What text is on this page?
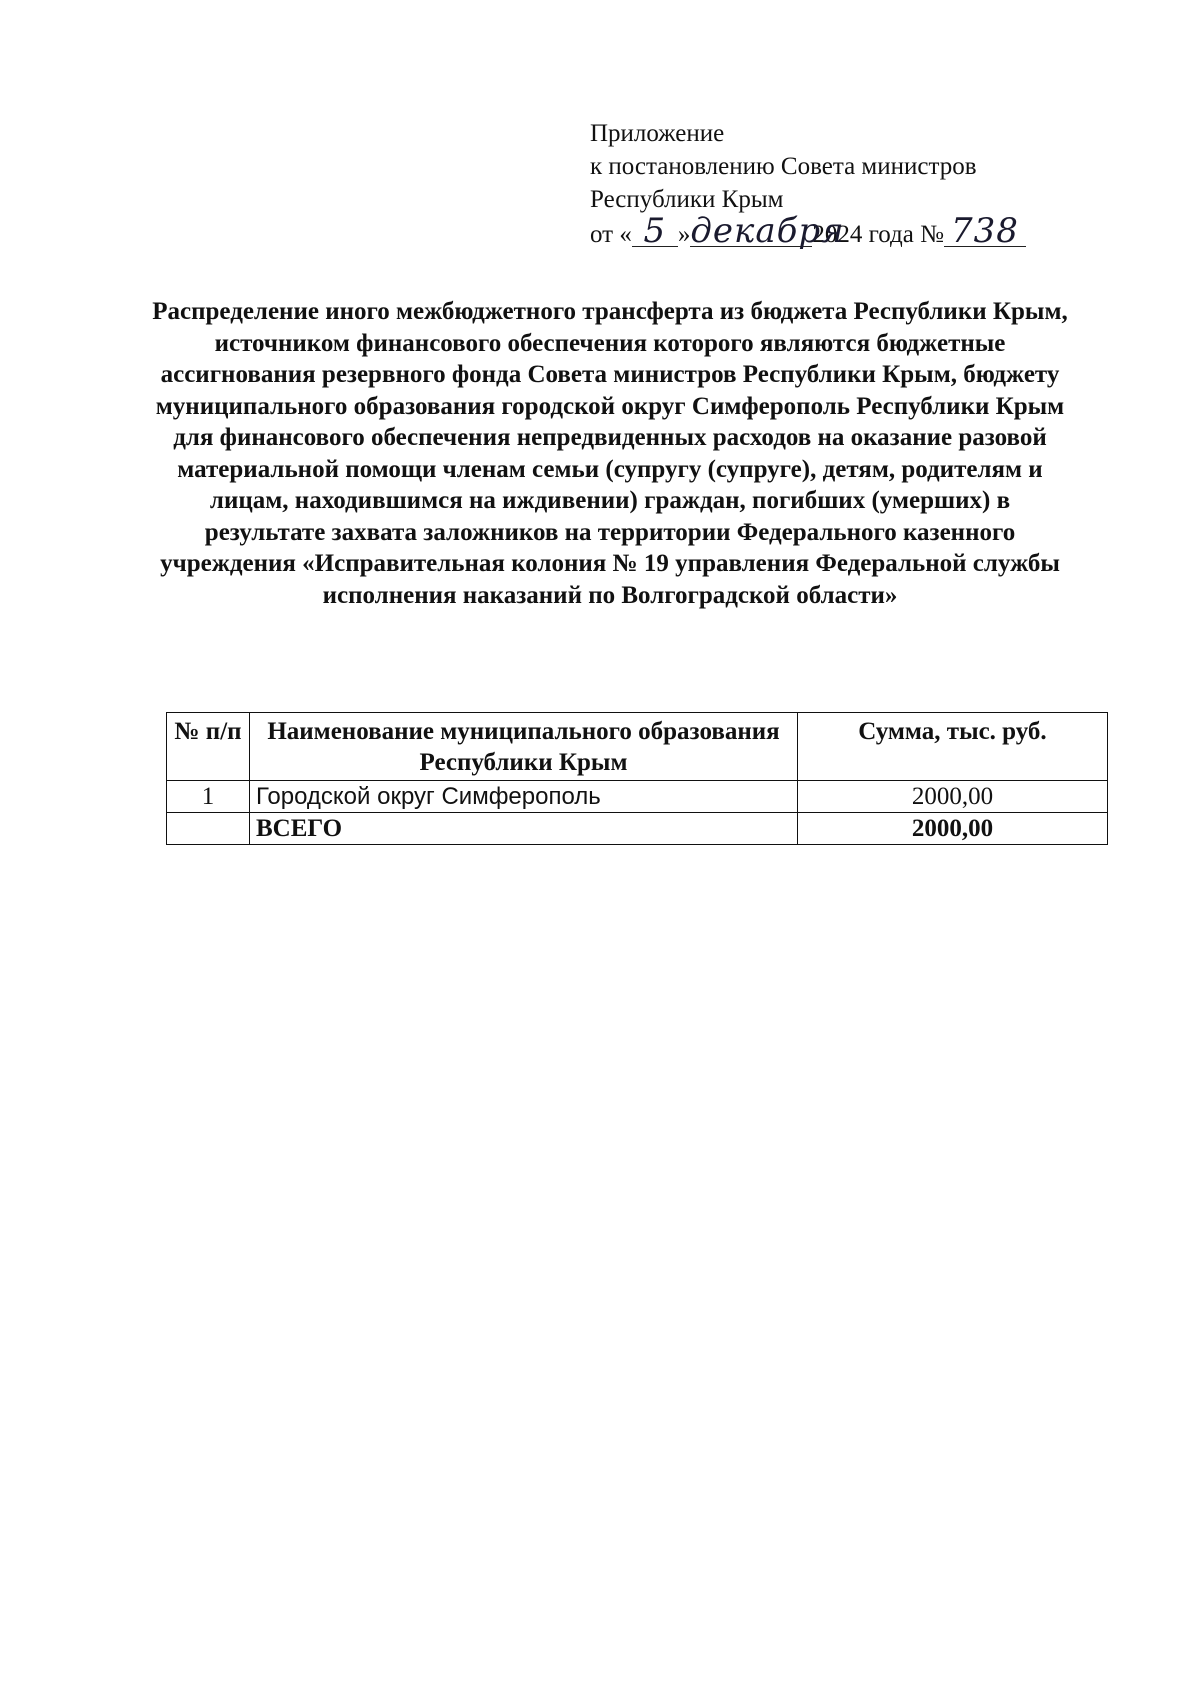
Приложение
к постановлению Совета министров
Республики Крым
от « 5 »декабря2024 года № 738
Распределение иного межбюджетного трансферта из бюджета Республики Крым, источником финансового обеспечения которого являются бюджетные ассигнования резервного фонда Совета министров Республики Крым, бюджету муниципального образования городской округ Симферополь Республики Крым для финансового обеспечения непредвиденных расходов на оказание разовой материальной помощи членам семьи (супругу (супруге), детям, родителям и лицам, находившимся на иждивении) граждан, погибших (умерших) в результате захвата заложников на территории Федерального казенного учреждения «Исправительная колония № 19 управления Федеральной службы исполнения наказаний по Волгоградской области»
№ п/п	Наименование муниципального образования Республики Крым	Сумма, тыс. руб.
1	Городской округ Симферополь	2000,00
	ВСЕГО	2000,00
